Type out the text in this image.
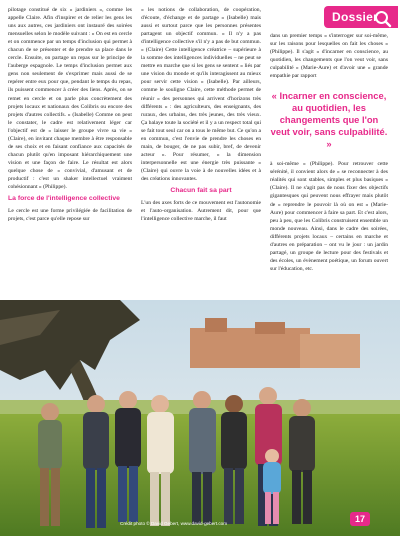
Dossier

pilotage constitué de six « jardiniers », comme les appelle Claire. Afin d'inspirer et de relier les gens les uns aux autres, ces jardiniers ont instauré des soirées mensuelles selon le modèle suivant : « On est en cercle et on commence par un temps d'inclusion qui permet à chacun de se présenter et de prendre sa place dans le cercle. Ensuite, on partage un repas sur le principe de l'auberge espagnole. Le temps d'inclusion permet aux gens non seulement de s'exprimer mais aussi de se repérer entre eux pour que, pendant le temps du repas, ils puissent commencer à créer des liens. Après, on se remet en cercle et on parle plus concrètement des projets locaux et nationaux des Colibris ou encore des projets d'autres collectifs. » (Isabelle) Comme on peut le constater, le cadre est relativement léger car l'objectif est de « laisser le groupe vivre sa vie » (Claire), en invitant chaque membre à être responsable de ses choix et en faisant confiance aux capacités de chacun plutôt qu'en imposant hiérarchiquement une vision et une façon de faire. Le résultat est alors quelque chose de « convivial, d'amusant et de productif : c'est un shaker intellectuel vraiment cohésionnant » (Philippe).

La force de l'intelligence collective

Le cercle est une forme privilégiée de facilitation de projets, c'est parce qu'elle repose sur

« les notions de collaboration, de coopération, d'écoute, d'échange et de partage » (Isabelle) mais aussi et surtout parce que les personnes présentes partagent un objectif commun. « Il n'y a pas d'intelligence collective s'il n'y a pas de but commun. » (Claire) Cette intelligence créatrice – supérieure à la somme des intelligences individuelles – ne peut se mettre en marche que si les gens se sentent « liés par une vision du monde et qu'ils interagissent au mieux pour servir cette vision » (Isabelle). Par ailleurs, comme le souligne Claire, cette méthode permet de réunir « des personnes qui arrivent d'horizons très différents » : des agriculteurs, des enseignants, des ruraux, des urbains, des très jeunes, des très vieux. Ça balaye toute la société et il y a un respect total qui se fait tout seul car on a tous le même but. Ce qu'on a en commun, c'est l'envie de prendre les choses en main, de bouger, de ne pas subir, bref, de devenir acteur ». Pour résumer, « la dimension interpersonnelle est une énergie très puissante » (Claire) qui ouvre la voie à de nouvelles idées et à des créations innovantes.

Chacun fait sa part

L'un des axes forts de ce mouvement est l'autonomie et l'auto-organisation. Autrement dit, pour que l'intelligence collective marche, il faut

dans un premier temps « s'interroger sur soi-même, sur les raisons pour lesquelles on fait les choses » (Philippe). Il s'agit « d'incarner en conscience, au quotidien, les changements que l'on veut voir, sans culpabilité » (Marie-Aure) et d'avoir une « grande empathie par rapport

« Incarner en conscience, au quotidien, les changements que l'on veut voir, sans culpabilité. »

à soi-même » (Philippe). Pour retrouver cette sérénité, il convient alors de « se reconnecter à des réalités qui sont stables, simples et plus basiques » (Claire). Il ne s'agit pas de nous fixer des objectifs gigantesques qui peuvent nous effrayer mais plutôt de « reprendre le pouvoir là où on est » (Marie-Aure) pour commencer à faire sa part. Et c'est alors, peu à peu, que les Colibris construisent ensemble un monde nouveau. Ainsi, dans le cadre des soirées, différents projets locaux – certains en marche et d'autres en préparation – ont vu le jour : un jardin partagé, un groupe de lecture pour des festivals et des écoles, un évènement poétique, un forum ouvert sur l'éducation, etc.

Crédit photo © David Gebert, www.david-gebert.com	17
